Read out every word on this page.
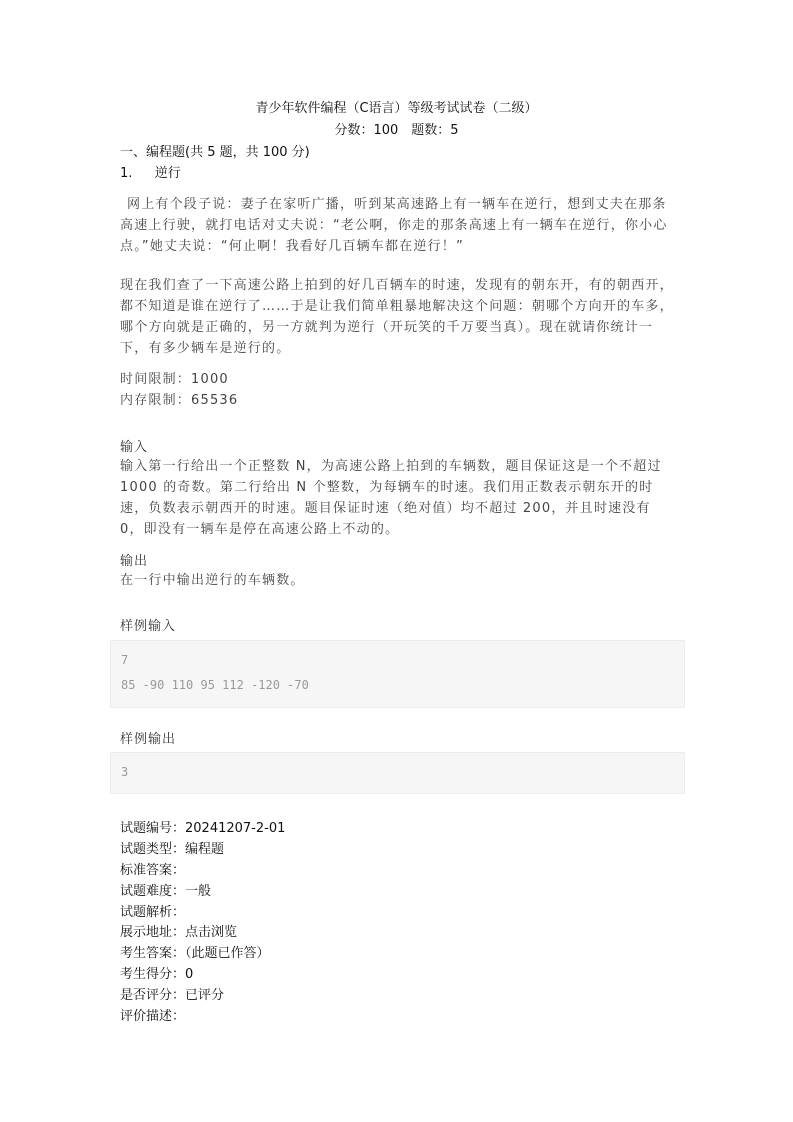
青少年软件编程（C语言）等级考试试卷（二级）
分数：100　题数：5
一、编程题(共 5 题，共 100 分)
1. 逆行
网上有个段子说：妻子在家听广播，听到某高速路上有一辆车在逆行，想到丈夫在那条高速上行驶，就打电话对丈夫说：“老公啊，你走的那条高速上有一辆车在逆行，你小心点。”她丈夫说：“何止啊！我看好几百辆车都在逆行！”
现在我们查了一下高速公路上拍到的好几百辆车的时速，发现有的朝东开，有的朝西开，都不知道是谁在逆行了……于是让我们简单粗暴地解决这个问题：朝哪个方向开的车多，哪个方向就是正确的，另一方就判为逆行（开玩笑的千万要当真）。现在就请你统计一下，有多少辆车是逆行的。
时间限制：1000
内存限制：65536
输入
输入第一行给出一个正整数 N，为高速公路上拍到的车辆数，题目保证这是一个不超过 1000 的奇数。第二行给出 N 个整数，为每辆车的时速。我们用正数表示朝东开的时速，负数表示朝西开的时速。题目保证时速（绝对值）均不超过 200，并且时速没有 0，即没有一辆车是停在高速公路上不动的。
输出
在一行中输出逆行的车辆数。
样例输入
7
85 -90 110 95 112 -120 -70
样例输出
3
试题编号：20241207-2-01
试题类型：编程题
标准答案：
试题难度：一般
试题解析：
展示地址：点击浏览
考生答案：（此题已作答）
考生得分：0
是否评分：已评分
评价描述：
